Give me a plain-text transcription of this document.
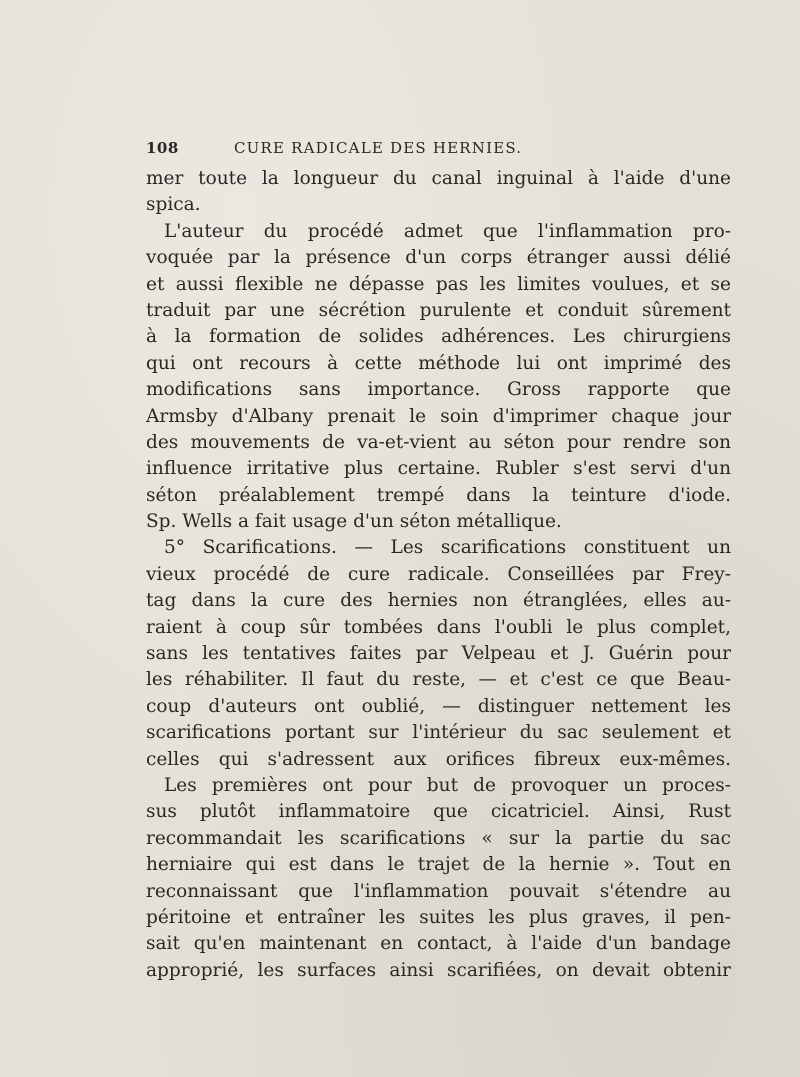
108	CURE RADICALE DES HERNIES.
mer toute la longueur du canal inguinal à l'aide d'une
spica.
L'auteur du procédé admet que l'inflammation pro-
voquée par la présence d'un corps étranger aussi délié
et aussi flexible ne dépasse pas les limites voulues, et se
traduit par une sécrétion purulente et conduit sûrement
à la formation de solides adhérences. Les chirurgiens
qui ont recours à cette méthode lui ont imprimé des
modifications sans importance. Gross rapporte que
Armsby d'Albany prenait le soin d'imprimer chaque jour
des mouvements de va-et-vient au séton pour rendre son
influence irritative plus certaine. Rubler s'est servi d'un
séton préalablement trempé dans la teinture d'iode.
Sp. Wells a fait usage d'un séton métallique.
5° Scarifications. — Les scarifications constituent un
vieux procédé de cure radicale. Conseillées par Frey-
tag dans la cure des hernies non étranglées, elles au-
raient à coup sûr tombées dans l'oubli le plus complet,
sans les tentatives faites par Velpeau et J. Guérin pour
les réhabiliter. Il faut du reste, — et c'est ce que Beau-
coup d'auteurs ont oublié, — distinguer nettement les
scarifications portant sur l'intérieur du sac seulement et
celles qui s'adressent aux orifices fibreux eux-mêmes.
Les premières ont pour but de provoquer un proces-
sus plutôt inflammatoire que cicatriciel. Ainsi, Rust
recommandait les scarifications « sur la partie du sac
herniaire qui est dans le trajet de la hernie ». Tout en
reconnaissant que l'inflammation pouvait s'étendre au
péritoine et entraîner les suites les plus graves, il pen-
sait qu'en maintenant en contact, à l'aide d'un bandage
approprié, les surfaces ainsi scarifiées, on devait obtenir
